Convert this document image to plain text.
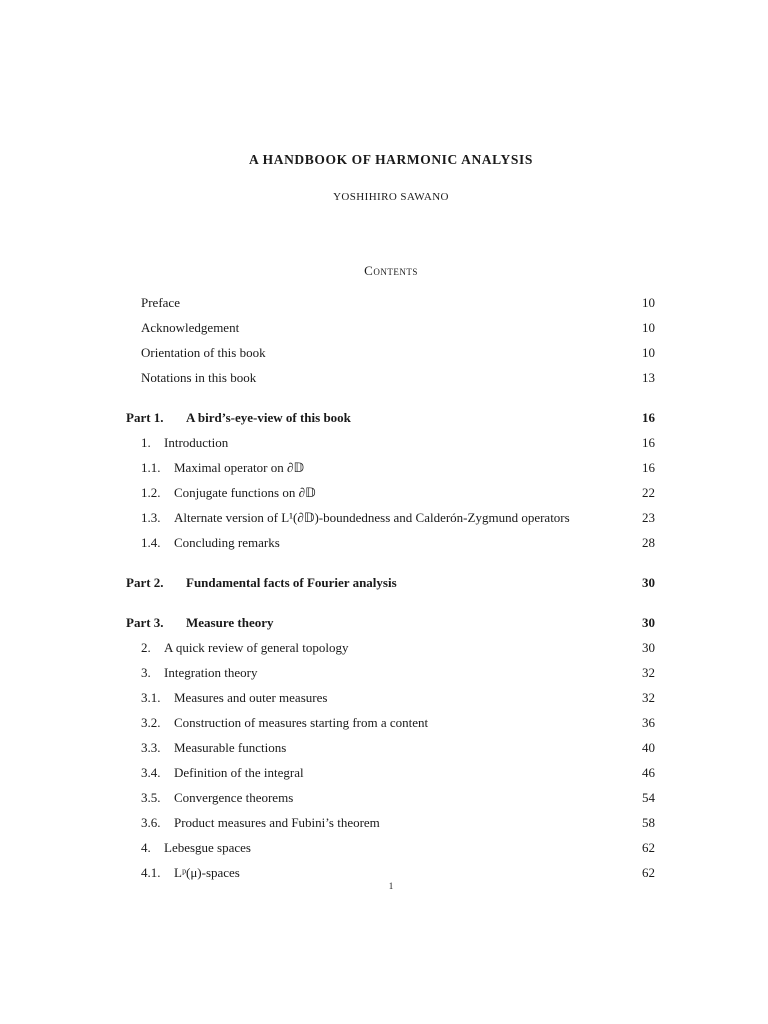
A HANDBOOK OF HARMONIC ANALYSIS
YOSHIHIRO SAWANO
Contents
Preface	10
Acknowledgement	10
Orientation of this book	10
Notations in this book	13
Part 1. A bird’s-eye-view of this book	16
1. Introduction	16
1.1. Maximal operator on ∂𝔻	16
1.2. Conjugate functions on ∂𝔻	22
1.3. Alternate version of L¹(∂𝔻)-boundedness and Calderón-Zygmund operators	23
1.4. Concluding remarks	28
Part 2. Fundamental facts of Fourier analysis	30
Part 3. Measure theory	30
2. A quick review of general topology	30
3. Integration theory	32
3.1. Measures and outer measures	32
3.2. Construction of measures starting from a content	36
3.3. Measurable functions	40
3.4. Definition of the integral	46
3.5. Convergence theorems	54
3.6. Product measures and Fubini’s theorem	58
4. Lebesgue spaces	62
4.1. Lᵖ(μ)-spaces	62
1
